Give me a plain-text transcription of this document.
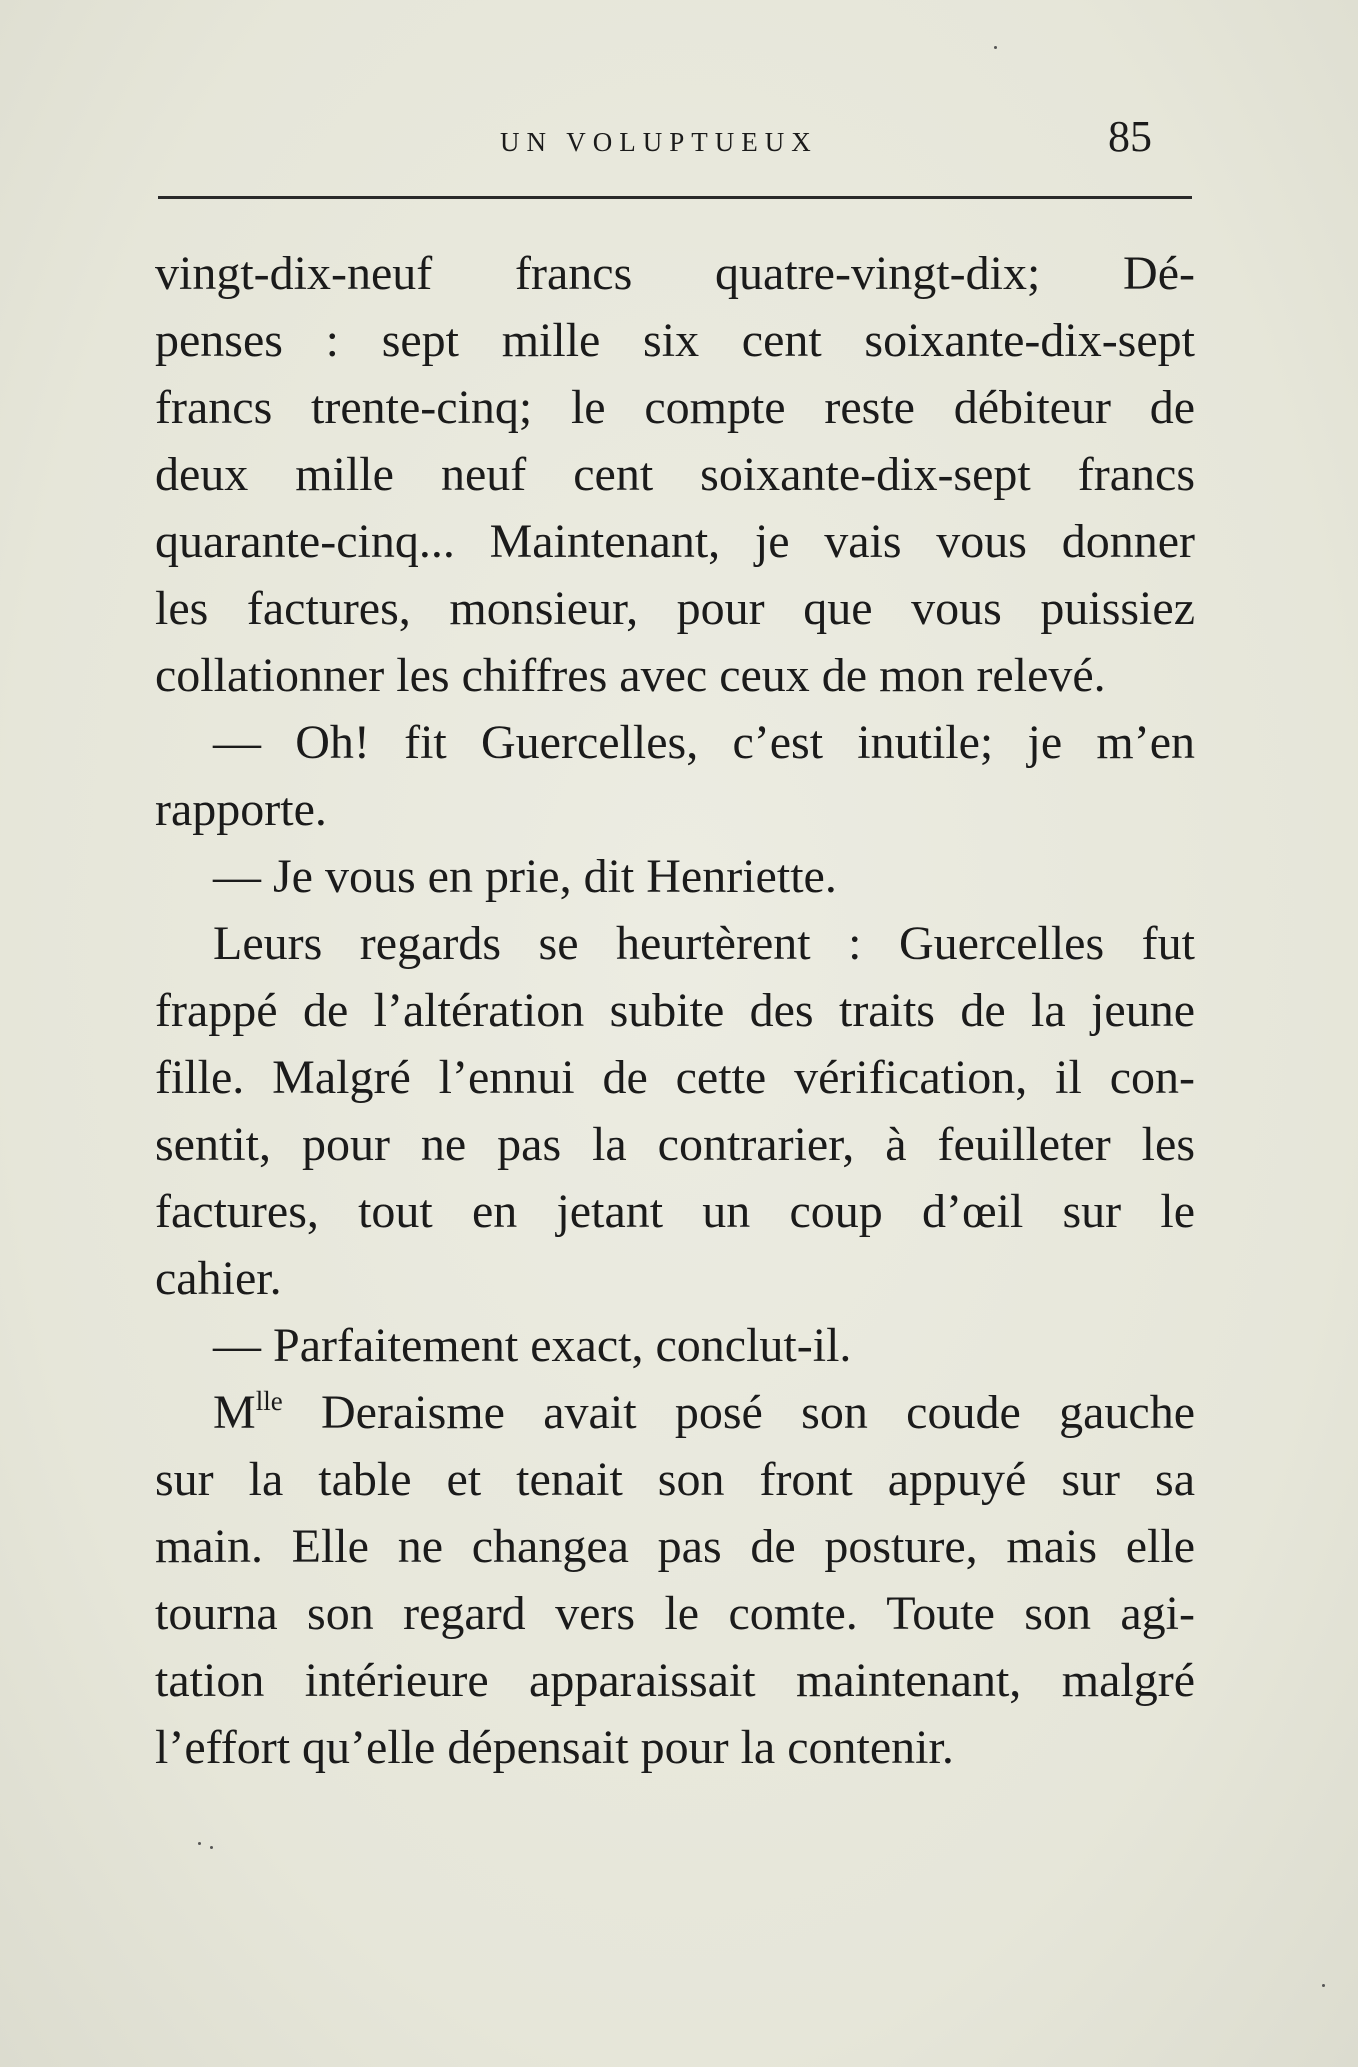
UN VOLUPTUEUX	85
vingt-dix-neuf francs quatre-vingt-dix; Dé-
penses : sept mille six cent soixante-dix-sept
francs trente-cinq; le compte reste débiteur de
deux mille neuf cent soixante-dix-sept francs
quarante-cinq... Maintenant, je vais vous donner
les factures, monsieur, pour que vous puissiez
collationner les chiffres avec ceux de mon relevé.
— Oh! fit Guercelles, c’est inutile; je m’en
rapporte.
— Je vous en prie, dit Henriette.
Leurs regards se heurtèrent : Guercelles fut
frappé de l’altération subite des traits de la jeune
fille. Malgré l’ennui de cette vérification, il con-
sentit, pour ne pas la contrarier, à feuilleter les
factures, tout en jetant un coup d’œil sur le
cahier.
— Parfaitement exact, conclut-il.
$M^{lle}$ Deraisme avait posé son coude gauche
sur la table et tenait son front appuyé sur sa
main. Elle ne changea pas de posture, mais elle
tourna son regard vers le comte. Toute son agi-
tation intérieure apparaissait maintenant, malgré
l’effort qu’elle dépensait pour la contenir.
